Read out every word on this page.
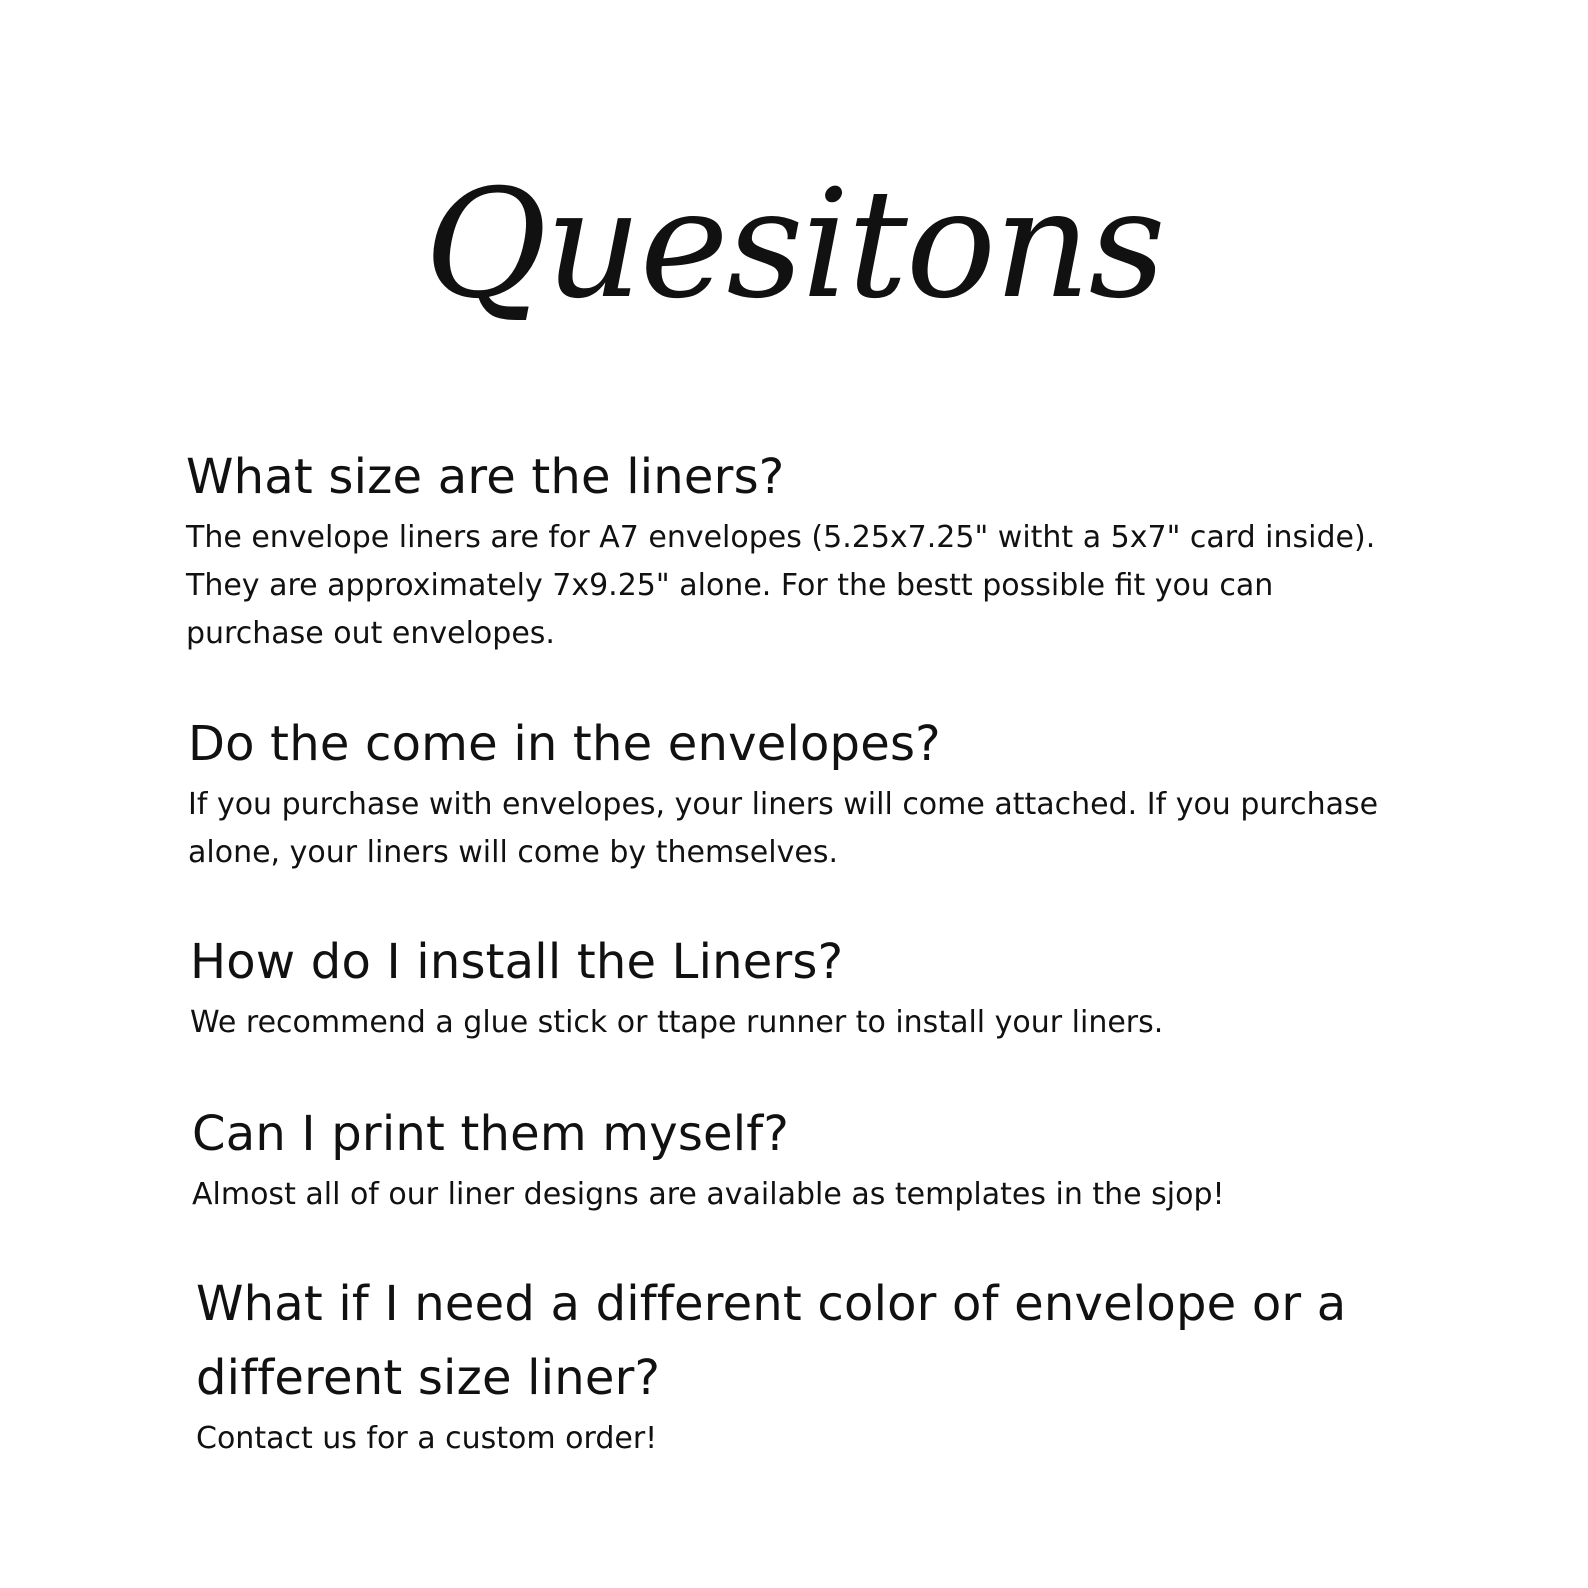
Quesitons

What size are the liners?

The envelope liners are for A7 envelopes (5.25x7.25" witht a 5x7" card inside). They are approximately 7x9.25" alone. For the bestt possible fit you can purchase out envelopes.

Do the come in the envelopes?

If you purchase with envelopes, your liners will come attached. If you purchase alone, your liners will come by themselves.

How do I install the Liners?

We recommend a glue stick or ttape runner to install your liners.

Can I print them myself?

Almost all of our liner designs are available as templates in the sjop!

What if I need a different color of envelope or a different size liner?

Contact us for a custom order!
